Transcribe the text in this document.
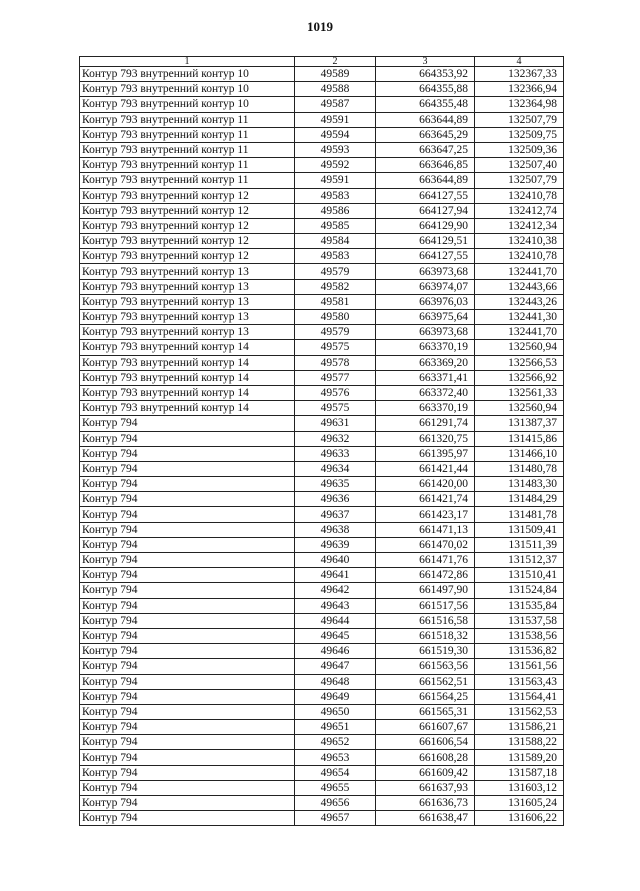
1019
1	2	3	4
Контур 793 внутренний контур 10	49589	664353,92	132367,33
Контур 793 внутренний контур 10	49588	664355,88	132366,94
Контур 793 внутренний контур 10	49587	664355,48	132364,98
Контур 793 внутренний контур 11	49591	663644,89	132507,79
Контур 793 внутренний контур 11	49594	663645,29	132509,75
Контур 793 внутренний контур 11	49593	663647,25	132509,36
Контур 793 внутренний контур 11	49592	663646,85	132507,40
Контур 793 внутренний контур 11	49591	663644,89	132507,79
Контур 793 внутренний контур 12	49583	664127,55	132410,78
Контур 793 внутренний контур 12	49586	664127,94	132412,74
Контур 793 внутренний контур 12	49585	664129,90	132412,34
Контур 793 внутренний контур 12	49584	664129,51	132410,38
Контур 793 внутренний контур 12	49583	664127,55	132410,78
Контур 793 внутренний контур 13	49579	663973,68	132441,70
Контур 793 внутренний контур 13	49582	663974,07	132443,66
Контур 793 внутренний контур 13	49581	663976,03	132443,26
Контур 793 внутренний контур 13	49580	663975,64	132441,30
Контур 793 внутренний контур 13	49579	663973,68	132441,70
Контур 793 внутренний контур 14	49575	663370,19	132560,94
Контур 793 внутренний контур 14	49578	663369,20	132566,53
Контур 793 внутренний контур 14	49577	663371,41	132566,92
Контур 793 внутренний контур 14	49576	663372,40	132561,33
Контур 793 внутренний контур 14	49575	663370,19	132560,94
Контур 794	49631	661291,74	131387,37
Контур 794	49632	661320,75	131415,86
Контур 794	49633	661395,97	131466,10
Контур 794	49634	661421,44	131480,78
Контур 794	49635	661420,00	131483,30
Контур 794	49636	661421,74	131484,29
Контур 794	49637	661423,17	131481,78
Контур 794	49638	661471,13	131509,41
Контур 794	49639	661470,02	131511,39
Контур 794	49640	661471,76	131512,37
Контур 794	49641	661472,86	131510,41
Контур 794	49642	661497,90	131524,84
Контур 794	49643	661517,56	131535,84
Контур 794	49644	661516,58	131537,58
Контур 794	49645	661518,32	131538,56
Контур 794	49646	661519,30	131536,82
Контур 794	49647	661563,56	131561,56
Контур 794	49648	661562,51	131563,43
Контур 794	49649	661564,25	131564,41
Контур 794	49650	661565,31	131562,53
Контур 794	49651	661607,67	131586,21
Контур 794	49652	661606,54	131588,22
Контур 794	49653	661608,28	131589,20
Контур 794	49654	661609,42	131587,18
Контур 794	49655	661637,93	131603,12
Контур 794	49656	661636,73	131605,24
Контур 794	49657	661638,47	131606,22
